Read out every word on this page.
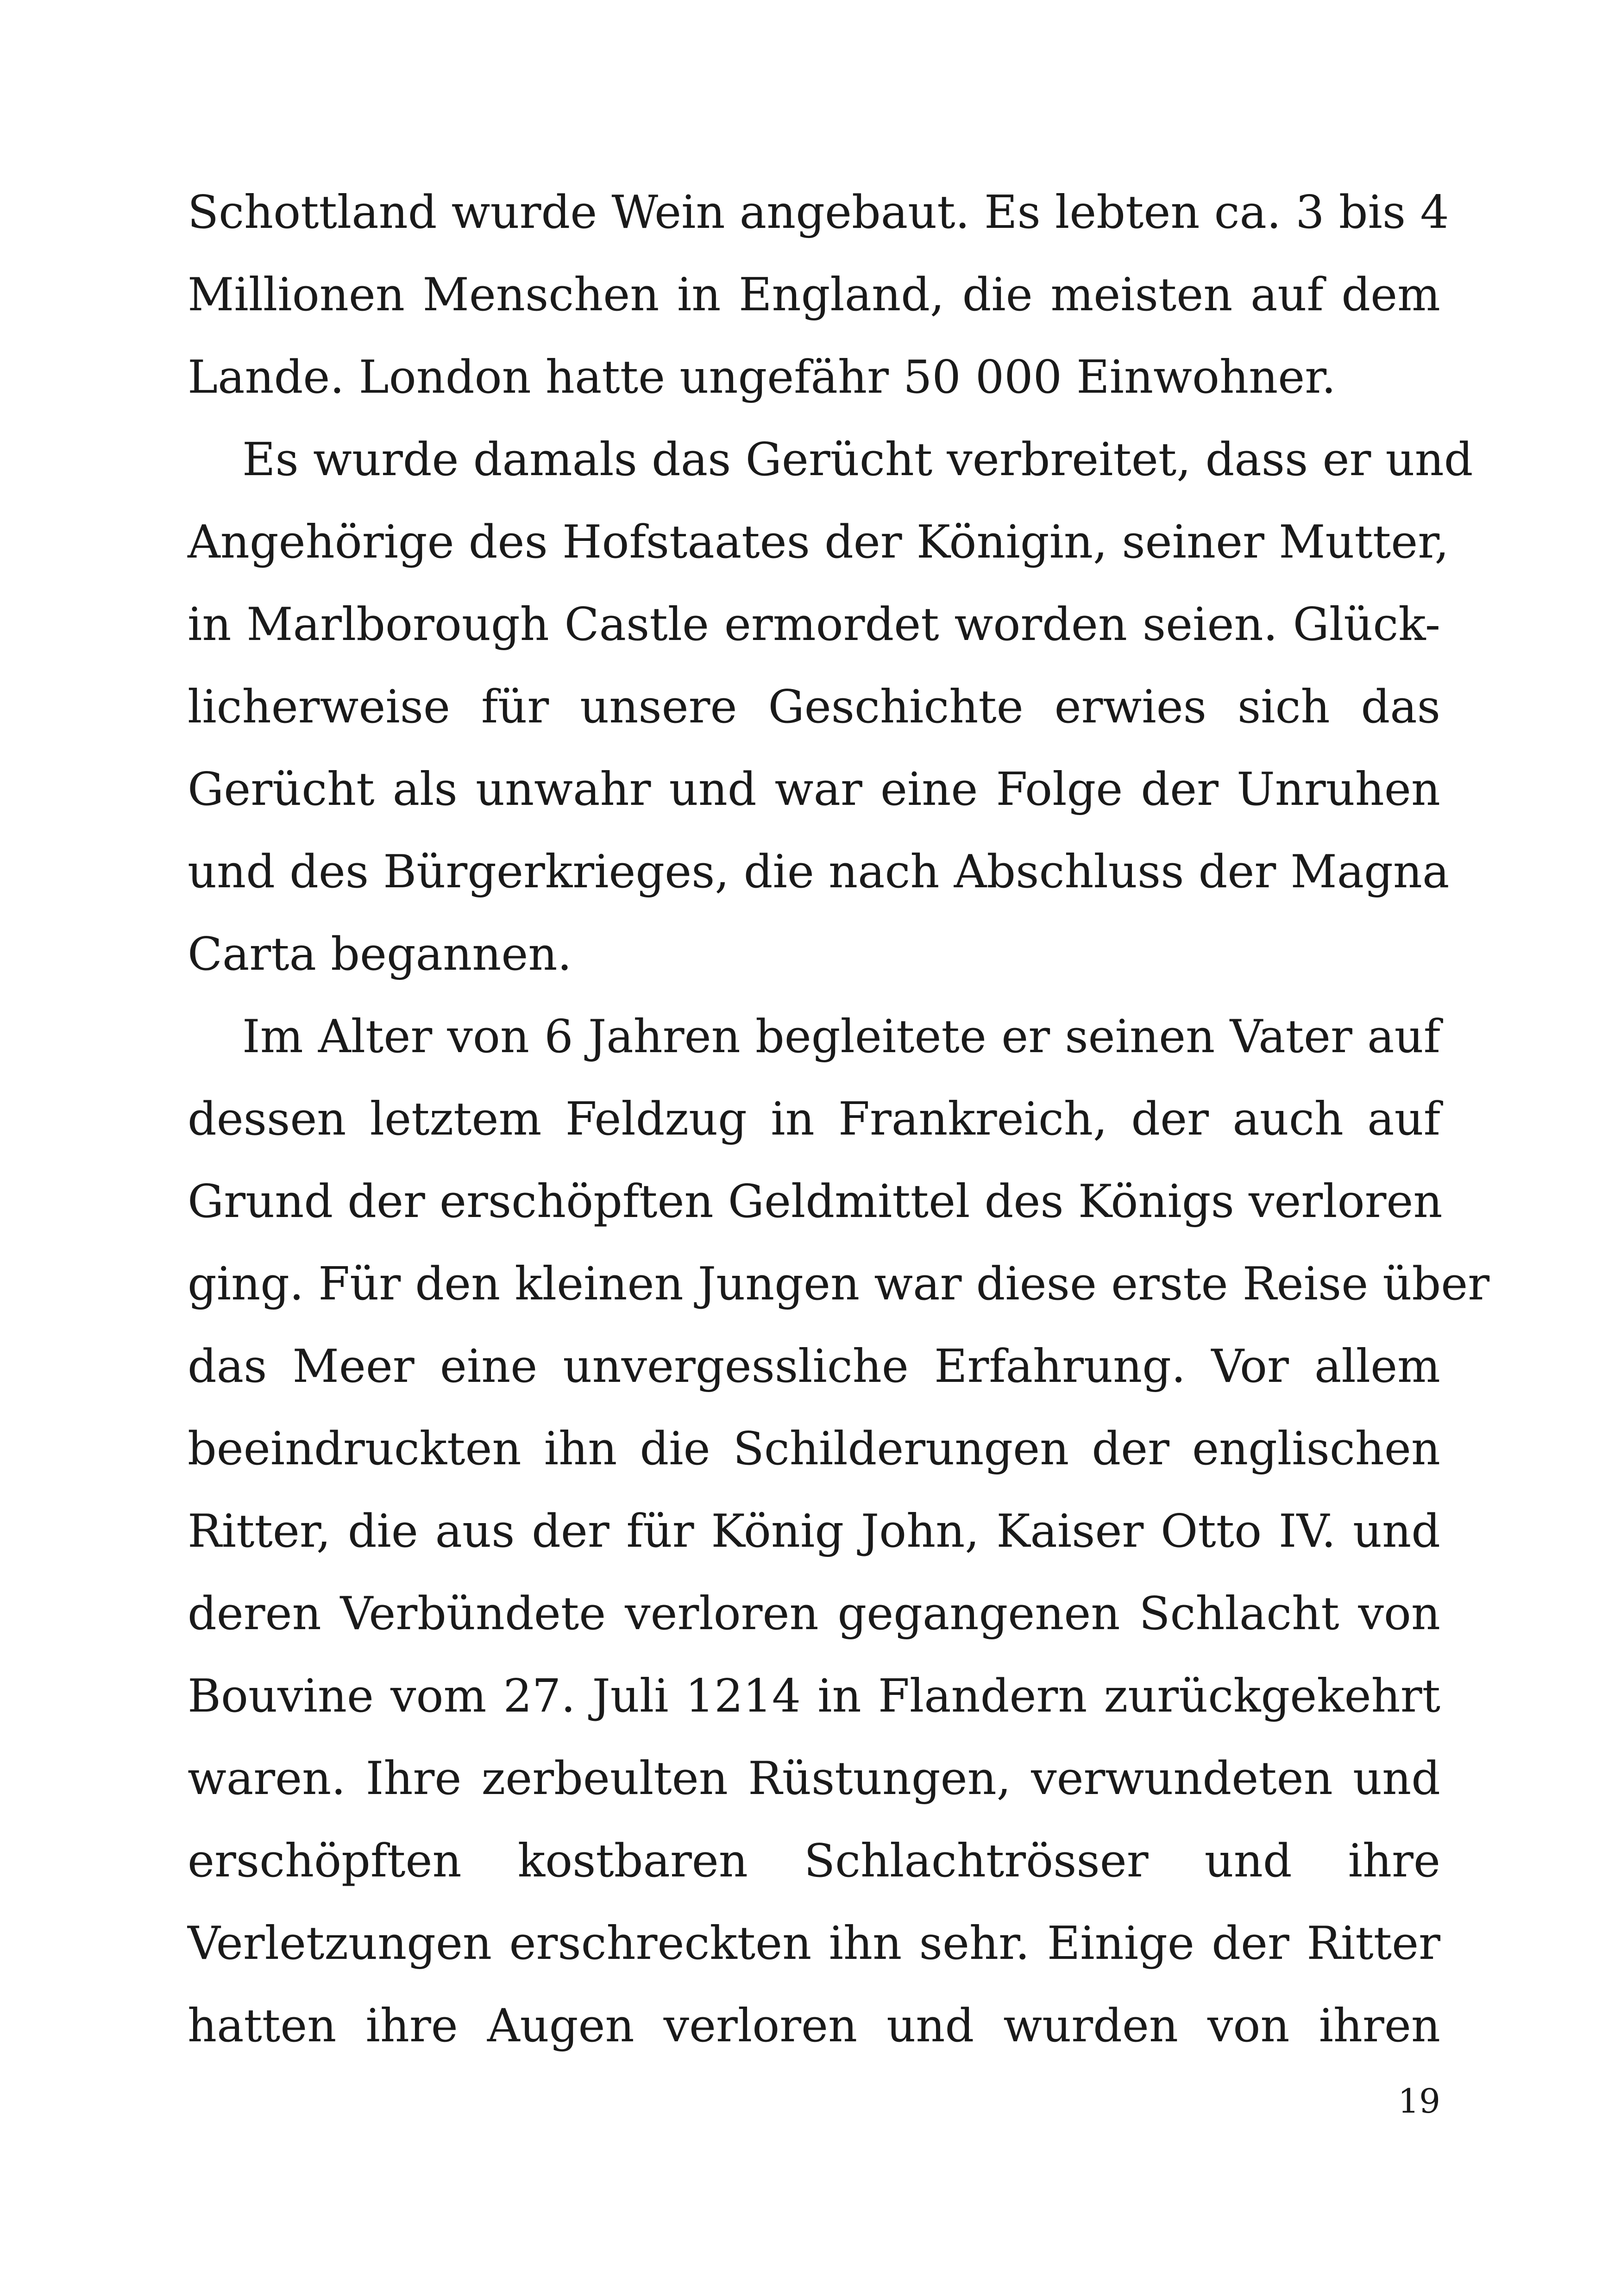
Schottland wurde Wein angebaut. Es lebten ca. 3 bis 4
Millionen Menschen in England, die meisten auf dem
Lande. London hatte ungefähr 50 000 Einwohner.
Es wurde damals das Gerücht verbreitet, dass er und
Angehörige des Hofstaates der Königin, seiner Mutter,
in Marlborough Castle ermordet worden seien. Glück-
licherweise für unsere Geschichte erwies sich das
Gerücht als unwahr und war eine Folge der Unruhen
und des Bürgerkrieges, die nach Abschluss der Magna
Carta begannen.
Im Alter von 6 Jahren begleitete er seinen Vater auf
dessen letztem Feldzug in Frankreich, der auch auf
Grund der erschöpften Geldmittel des Königs verloren
ging. Für den kleinen Jungen war diese erste Reise über
das Meer eine unvergessliche Erfahrung. Vor allem
beeindruckten ihn die Schilderungen der englischen
Ritter, die aus der für König John, Kaiser Otto IV. und
deren Verbündete verloren gegangenen Schlacht von
Bouvine vom 27. Juli 1214 in Flandern zurückgekehrt
waren. Ihre zerbeulten Rüstungen, verwundeten und
erschöpften kostbaren Schlachtrösser und ihre
Verletzungen erschreckten ihn sehr. Einige der Ritter
hatten ihre Augen verloren und wurden von ihren
19
